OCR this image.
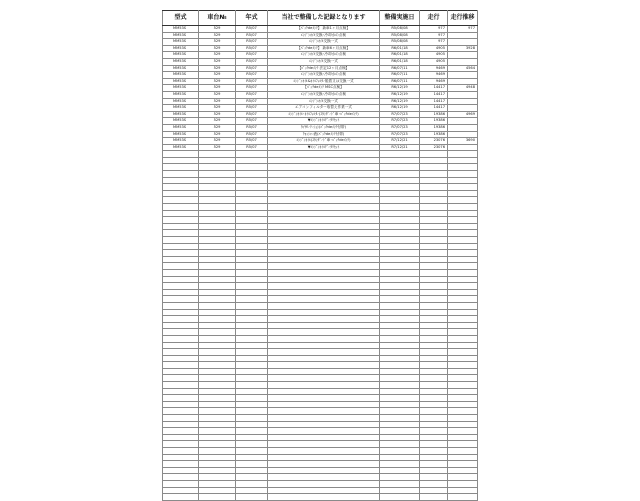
型式	車台№	年式	当社で整備した記録となります	整備実施日	走行	走行推移
MM53S	529	R5/07	【ﾊﾟｯｸdeﾒﾝﾃ】 新車1ヶ月点検】	R5/08/08	977	977
MM53S	529	R5/07	ｴﾝｼﾞﾝｵｲﾙ交換･冷却水の点検	R5/08/08	977	
MM53S	529	R5/07	ｴﾝｼﾞﾝｵｲﾙ交換一式	R5/08/08	977	
MM53S	529	R5/07	【ﾊﾟｯｸdeﾒﾝﾃ】 新車6ヶ月点検】	R6/01/18	4905	3928
MM53S	529	R5/07	ｴﾝｼﾞﾝｵｲﾙ交換･冷却水の点検	R6/01/18	4905	
MM53S	529	R5/07	ｴﾝｼﾞﾝｵｲﾙ交換一式	R6/01/18	4905	
MM53S	529	R5/07	【ﾊﾟｯｸdeﾒﾝﾃ 法定12ヶ月点検】	R6/07/11	9469	4564
MM53S	529	R5/07	ｴﾝｼﾞﾝｵｲﾙ交換･冷却水の点検	R6/07/11	9469	
MM53S	529	R5/07	ｴﾝｼﾞﾝｵｲﾙ&ｵｲﾙﾌｨﾙﾀｰ脱着又は交換一式	R6/07/11	9469	
MM53S	529	R5/07	【ﾊﾟｯｸdeﾒﾝﾃ MSC点検】	R6/12/19	14417	4948
MM53S	529	R5/07	ｴﾝｼﾞﾝｵｲﾙ交換･冷却水の点検	R6/12/19	14417	
MM53S	529	R5/07	ｴﾝｼﾞﾝｵｲﾙ交換一式	R6/12/19	14417	
MM53S	529	R5/07	エアコンフィルター取替え作業一式	R6/12/19	14417	
MM53S	529	R5/07	ｴﾝｼﾞﾝｵｲﾙ･ｵｲﾙﾌｨﾙﾀｰ(ｽﾀﾝﾀﾞｰﾄﾞ車･ﾊﾟｯｸdeﾒﾝﾃ)	R7/07/23	19386	4969
MM53S	529	R5/07	▼ｴﾝｼﾞﾝｵｲﾙﾃﾞｰﾀﾘｾｯﾄ	R7/07/23	19386	
MM53S	529	R5/07	ﾀｲﾔﾛｰﾃｰｼｮﾝ(ﾊﾟｯｸdeﾒﾝﾃ付帯)	R7/07/23	19386	
MM53S	529	R5/07	ｳｫｯｼｬｰ液(ﾊﾟｯｸdeﾒﾝﾃ付帯)	R7/07/23	19386	
MM53S	529	R5/07	ｴﾝｼﾞﾝｵｲﾙ(ｽﾀﾝﾀﾞｰﾄﾞ車･ﾊﾟｯｸdeﾒﾝﾃ)	R7/12/21	23076	3690
MM53S	529	R5/07	▼ｴﾝｼﾞﾝｵｲﾙﾃﾞｰﾀﾘｾｯﾄ	R7/12/21	23076	
